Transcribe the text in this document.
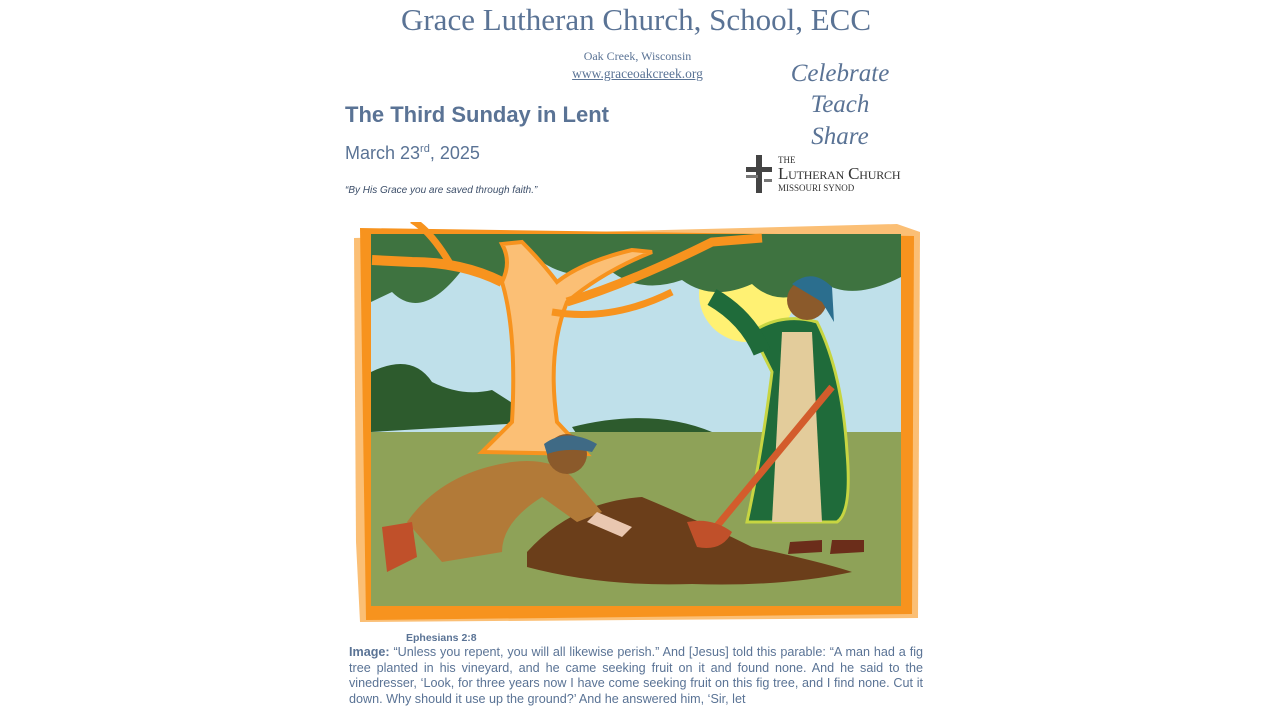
Grace Lutheran Church, School, ECC
Oak Creek, Wisconsin
www.graceoakcreek.org	Celebrate
Teach
Share
THE
Lutheran Church
MISSOURI SYNOD
The Third Sunday in Lent
March 23rd, 2025
“By His Grace you are saved through faith.”
Ephesians 2:8
Image: “Unless you repent, you will all likewise perish.” And [Jesus] told this parable: “A man had a fig tree planted in his vineyard, and he came seeking fruit on it and found none. And he said to the vinedresser, ‘Look, for three years now I have come seeking fruit on this fig tree, and I find none. Cut it down. Why should it use up the ground?’ And he answered him, ‘Sir, let
